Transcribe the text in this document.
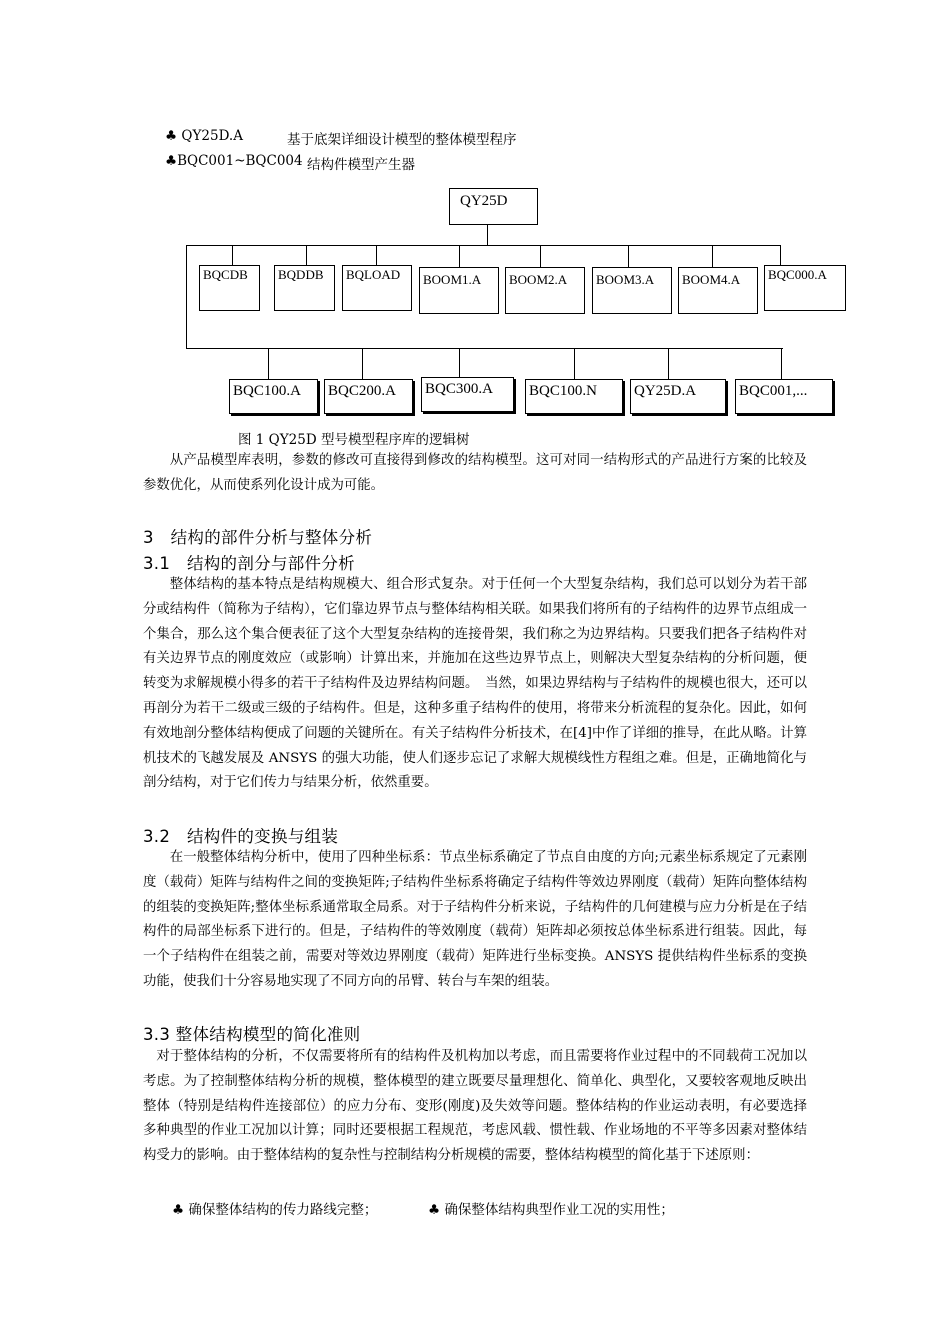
♣ QY25D.A	基于底架详细设计模型的整体模型程序
♣BQC001~BQC004 结构件模型产生器
QY25D
BQCDB BQDDB BQLOAD BOOM1.A BOOM2.A BOOM3.A BOOM4.A BQC000.A
BQC100.A BQC200.A BQC300.A BQC100.N QY25D.A	BQC001,...
图 1 QY25D 型号模型程序库的逻辑树

从产品模型库表明，参数的修改可直接得到修改的结构模型。这可对同一结构形式的产品进行方案的比较及参数优化，从而使系列化设计成为可能。

3　结构的部件分析与整体分析
3.1　结构的剖分与部件分析

整体结构的基本特点是结构规模大、组合形式复杂。对于任何一个大型复杂结构，我们总可以划分为若干部分或结构件（简称为子结构），它们靠边界节点与整体结构相关联。如果我们将所有的子结构件的边界节点组成一个集合，那么这个集合便表征了这个大型复杂结构的连接骨架，我们称之为边界结构。只要我们把各子结构件对有关边界节点的刚度效应（或影响）计算出来，并施加在这些边界节点上，则解决大型复杂结构的分析问题，便转变为求解规模小得多的若干子结构件及边界结构问题。　当然，如果边界结构与子结构件的规模也很大，还可以再剖分为若干二级或三级的子结构件。但是，这种多重子结构件的使用，将带来分析流程的复杂化。因此，如何有效地剖分整体结构便成了问题的关键所在。有关子结构件分析技术，在[4]中作了详细的推导，在此从略。计算机技术的飞越发展及 ANSYS 的强大功能，使人们逐步忘记了求解大规模线性方程组之难。但是，正确地简化与剖分结构，对于它们传力与结果分析，依然重要。

3.2　结构件的变换与组装

在一般整体结构分析中，使用了四种坐标系：节点坐标系确定了节点自由度的方向;元素坐标系规定了元素刚度（载荷）矩阵与结构件之间的变换矩阵;子结构件坐标系将确定子结构件等效边界刚度（载荷）矩阵向整体结构的组装的变换矩阵;整体坐标系通常取全局系。对于子结构件分析来说，子结构件的几何建模与应力分析是在子结构件的局部坐标系下进行的。但是，子结构件的等效刚度（载荷）矩阵却必须按总体坐标系进行组装。因此，每一个子结构件在组装之前，需要对等效边界刚度（载荷）矩阵进行坐标变换。ANSYS 提供结构件坐标系的变换功能，使我们十分容易地实现了不同方向的吊臂、转台与车架的组装。

3.3 整体结构模型的简化准则

对于整体结构的分析，不仅需要将所有的结构件及机构加以考虑，而且需要将作业过程中的不同载荷工况加以考虑。为了控制整体结构分析的规模，整体模型的建立既要尽量理想化、简单化、典型化，又要较客观地反映出整体（特别是结构件连接部位）的应力分布、变形(刚度)及失效等问题。整体结构的作业运动表明，有必要选择多种典型的作业工况加以计算；同时还要根据工程规范，考虑风载、惯性载、作业场地的不平等多因素对整体结构受力的影响。由于整体结构的复杂性与控制结构分析规模的需要，整体结构模型的简化基于下述原则：

♣ 确保整体结构的传力路线完整；	♣ 确保整体结构典型作业工况的实用性；
